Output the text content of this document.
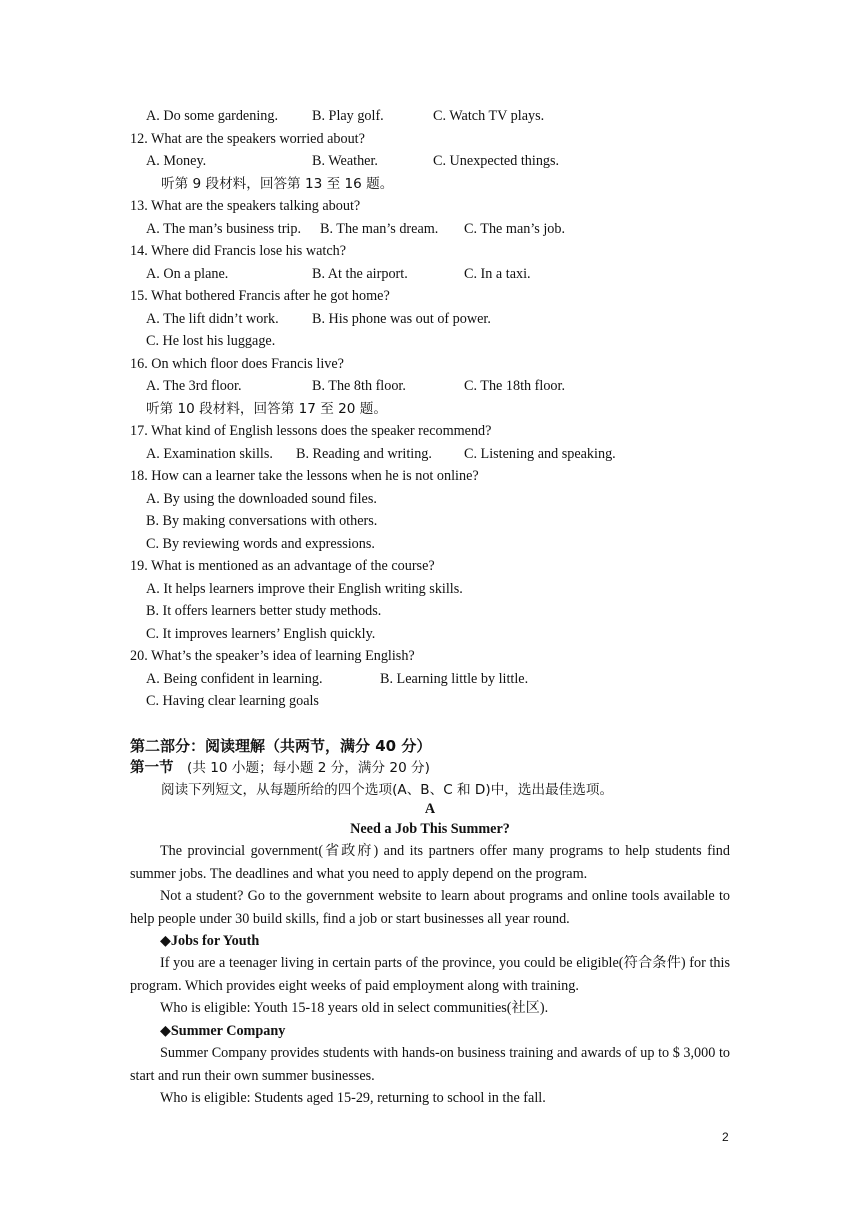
A. Do some gardening. B. Play golf.	C. Watch TV plays.
12. What are the speakers worried about?
A. Money.	B. Weather.	C. Unexpected things.
听第 9 段材料，回答第 13 至 16 题。
13. What are the speakers talking about?
A. The man’s business trip. B. The man’s dream. C. The man’s job.
14. Where did Francis lose his watch?
A. On a plane.	B. At the airport.	C. In a taxi.
15. What bothered Francis after he got home?
A. The lift didn’t work. B. His phone was out of power.
C. He lost his luggage.
16. On which floor does Francis live?
A. The 3rd floor.	B. The 8th floor.	C. The 18th floor.
听第 10 段材料，回答第 17 至 20 题。
17. What kind of English lessons does the speaker recommend?
A. Examination skills. B. Reading and writing. C. Listening and speaking.
18. How can a learner take the lessons when he is not online?
A. By using the downloaded sound files.
B. By making conversations with others.
C. By reviewing words and expressions.
19. What is mentioned as an advantage of the course?
A. It helps learners improve their English writing skills.
B. It offers learners better study methods.
C. It improves learners’ English quickly.
20. What’s the speaker’s idea of learning English?
A. Being confident in learning.	B. Learning little by little.
C. Having clear learning goals
第二部分：阅读理解（共两节，满分 40 分）
第一节 (共 10 小题；每小题 2 分，满分 20 分)
阅读下列短文，从每题所给的四个选项(A、B、C 和 D)中，选出最佳选项。
A
Need a Job This Summer?
The provincial government(省政府) and its partners offer many programs to help students find summer jobs. The deadlines and what you need to apply depend on the program.
Not a student? Go to the government website to learn about programs and online tools available to help people under 30 build skills, find a job or start businesses all year round.
◆Jobs for Youth
If you are a teenager living in certain parts of the province, you could be eligible(符合条件) for this program. Which provides eight weeks of paid employment along with training.
Who is eligible: Youth 15-18 years old in select communities(社区).
◆Summer Company
Summer Company provides students with hands-on business training and awards of up to $ 3,000 to start and run their own summer businesses.
Who is eligible: Students aged 15-29, returning to school in the fall.
2
